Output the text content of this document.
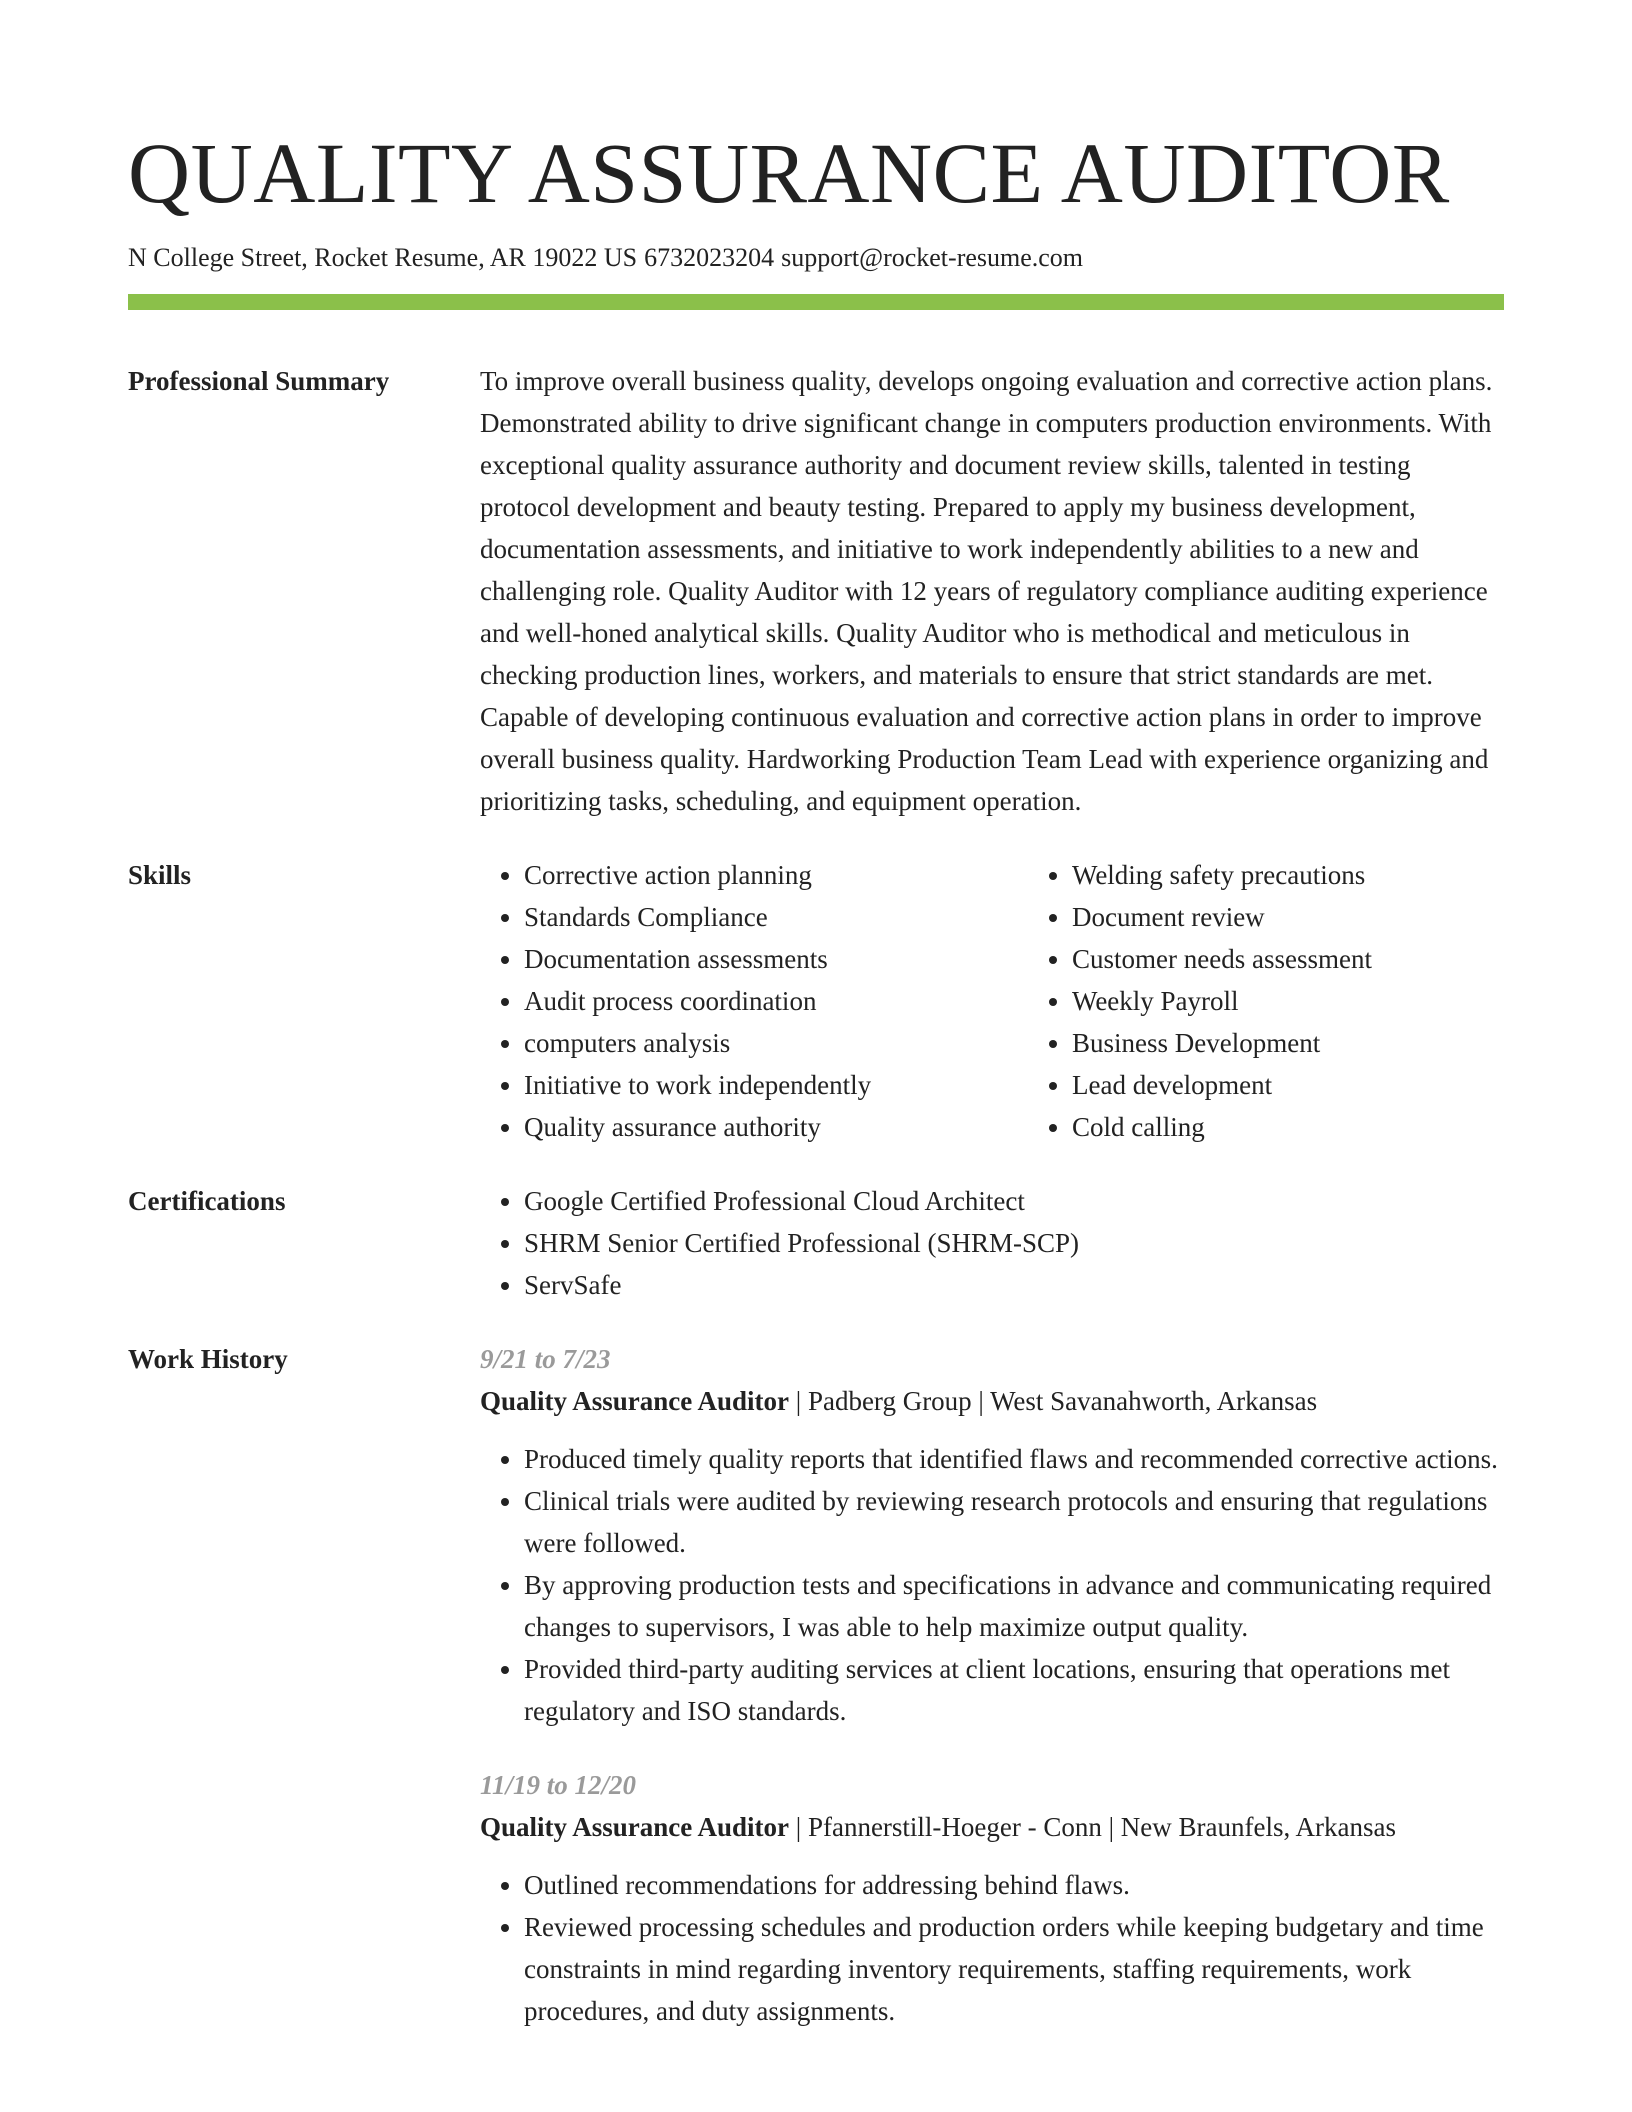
QUALITY ASSURANCE AUDITOR
N College Street, Rocket Resume, AR 19022 US 6732023204 support@rocket-resume.com
Professional Summary	To improve overall business quality, develops ongoing evaluation and corrective action plans. Demonstrated ability to drive significant change in computers production environments. With exceptional quality assurance authority and document review skills, talented in testing protocol development and beauty testing. Prepared to apply my business development, documentation assessments, and initiative to work independently abilities to a new and challenging role. Quality Auditor with 12 years of regulatory compliance auditing experience and well-honed analytical skills. Quality Auditor who is methodical and meticulous in checking production lines, workers, and materials to ensure that strict standards are met. Capable of developing continuous evaluation and corrective action plans in order to improve overall business quality. Hardworking Production Team Lead with experience organizing and prioritizing tasks, scheduling, and equipment operation.

Skills	• Corrective action planning
• Standards Compliance
• Documentation assessments
• Audit process coordination
• computers analysis
• Initiative to work independently
• Quality assurance authority
• Welding safety precautions
• Document review
• Customer needs assessment
• Weekly Payroll
• Business Development
• Lead development
• Cold calling
Certifications	• Google Certified Professional Cloud Architect
• SHRM Senior Certified Professional (SHRM-SCP)
• ServSafe
Work History	9/21 to 7/23
Quality Assurance Auditor | Padberg Group | West Savanahworth, Arkansas
• Produced timely quality reports that identified flaws and recommended corrective actions.
• Clinical trials were audited by reviewing research protocols and ensuring that regulations were followed.
• By approving production tests and specifications in advance and communicating required changes to supervisors, I was able to help maximize output quality.
• Provided third-party auditing services at client locations, ensuring that operations met regulatory and ISO standards.
11/19 to 12/20
Quality Assurance Auditor | Pfannerstill-Hoeger - Conn | New Braunfels, Arkansas
• Outlined recommendations for addressing behind flaws.
• Reviewed processing schedules and production orders while keeping budgetary and time constraints in mind regarding inventory requirements, staffing requirements, work procedures, and duty assignments.
